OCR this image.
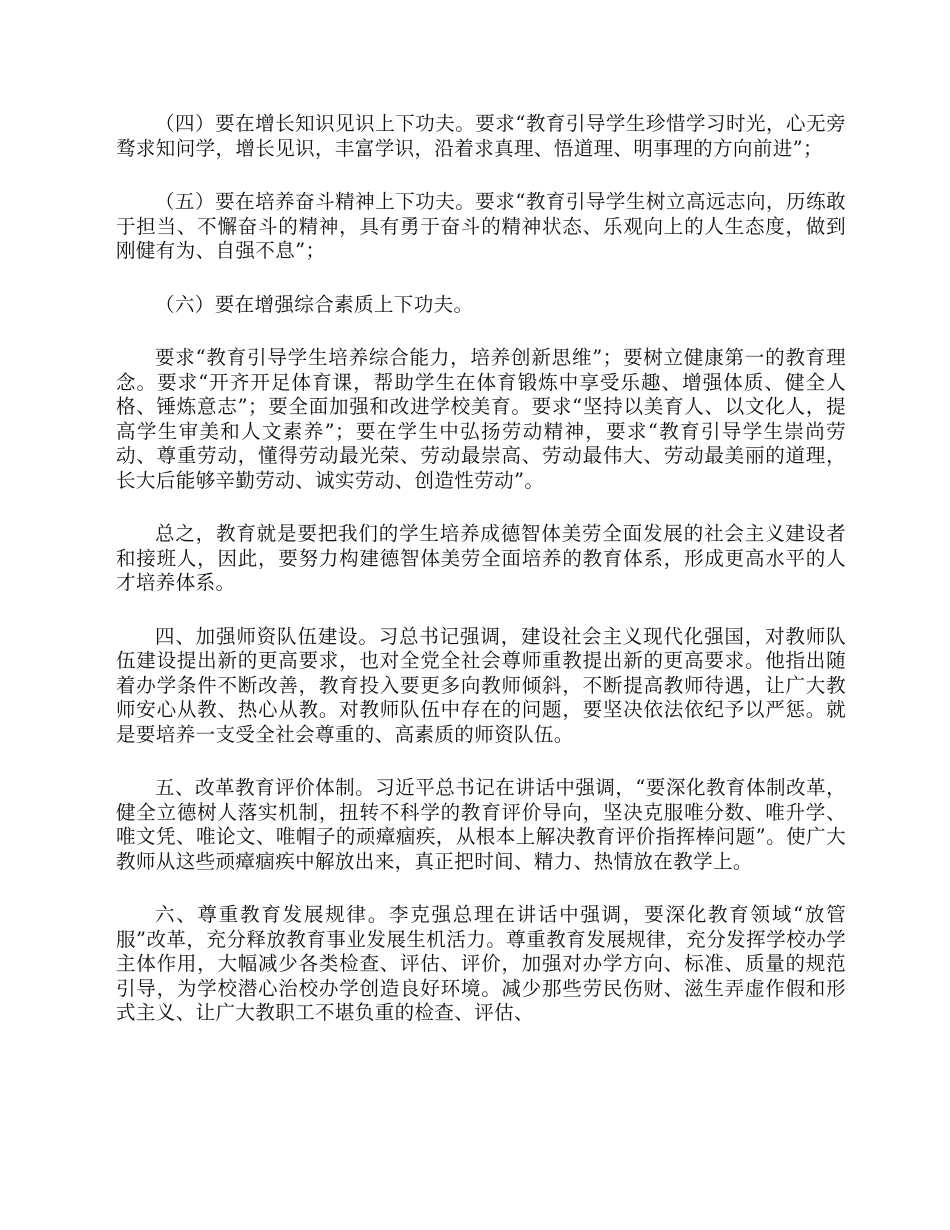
（四）要在增长知识见识上下功夫。要求“教育引导学生珍惜学习时光，心无旁骛求知问学，增长见识，丰富学识，沿着求真理、悟道理、明事理的方向前进”；

（五）要在培养奋斗精神上下功夫。要求“教育引导学生树立高远志向，历练敢于担当、不懈奋斗的精神，具有勇于奋斗的精神状态、乐观向上的人生态度，做到刚健有为、自强不息”；

（六）要在增强综合素质上下功夫。

要求“教育引导学生培养综合能力，培养创新思维”；要树立健康第一的教育理念。要求“开齐开足体育课，帮助学生在体育锻炼中享受乐趣、增强体质、健全人格、锤炼意志”；要全面加强和改进学校美育。要求“坚持以美育人、以文化人，提高学生审美和人文素养”；要在学生中弘扬劳动精神，要求“教育引导学生崇尚劳动、尊重劳动，懂得劳动最光荣、劳动最崇高、劳动最伟大、劳动最美丽的道理，长大后能够辛勤劳动、诚实劳动、创造性劳动”。

总之，教育就是要把我们的学生培养成德智体美劳全面发展的社会主义建设者和接班人，因此，要努力构建德智体美劳全面培养的教育体系，形成更高水平的人才培养体系。

四、加强师资队伍建设。习总书记强调，建设社会主义现代化强国，对教师队伍建设提出新的更高要求，也对全党全社会尊师重教提出新的更高要求。他指出随着办学条件不断改善，教育投入要更多向教师倾斜，不断提高教师待遇，让广大教师安心从教、热心从教。对教师队伍中存在的问题，要坚决依法依纪予以严惩。就是要培养一支受全社会尊重的、高素质的师资队伍。

五、改革教育评价体制。习近平总书记在讲话中强调，“要深化教育体制改革，健全立德树人落实机制，扭转不科学的教育评价导向，坚决克服唯分数、唯升学、唯文凭、唯论文、唯帽子的顽瘴痼疾，从根本上解决教育评价指挥棒问题”。使广大教师从这些顽瘴痼疾中解放出来，真正把时间、精力、热情放在教学上。

六、尊重教育发展规律。李克强总理在讲话中强调，要深化教育领域“放管服”改革，充分释放教育事业发展生机活力。尊重教育发展规律，充分发挥学校办学主体作用，大幅减少各类检查、评估、评价，加强对办学方向、标准、质量的规范引导，为学校潜心治校办学创造良好环境。减少那些劳民伤财、滋生弄虚作假和形式主义、让广大教职工不堪负重的检查、评估、
